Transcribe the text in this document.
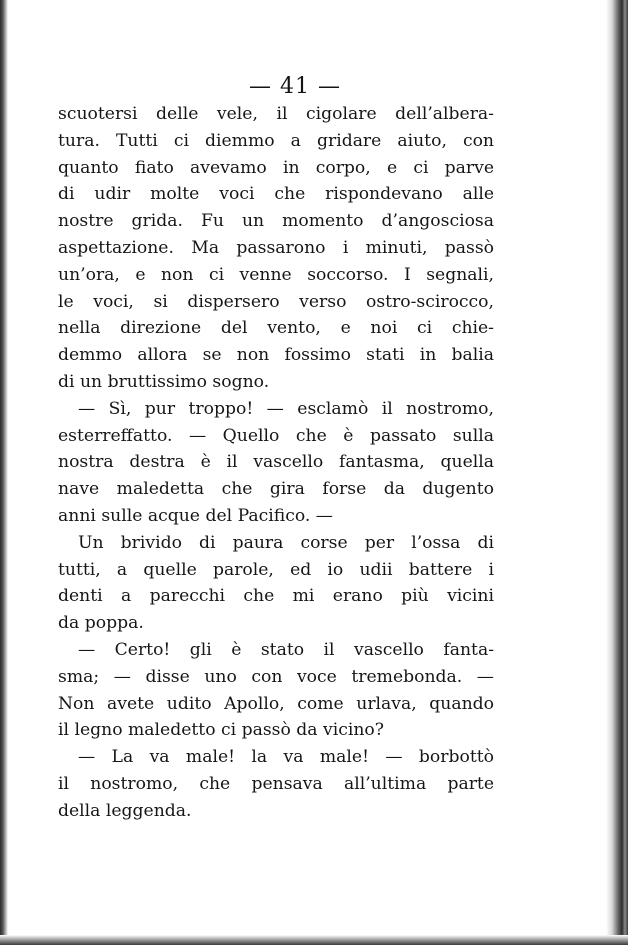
— 41 —
scuotersi delle vele, il cigolare dell’albera-
tura. Tutti ci diemmo a gridare aiuto, con
quanto fiato avevamo in corpo, e ci parve
di udir molte voci che rispondevano alle
nostre grida. Fu un momento d’angosciosa
aspettazione. Ma passarono i minuti, passò
un’ora, e non ci venne soccorso. I segnali,
le voci, si dispersero verso ostro-scirocco,
nella direzione del vento, e noi ci chie-
demmo allora se non fossimo stati in balia
di un bruttissimo sogno.
— Sì, pur troppo! — esclamò il nostromo,
esterreffatto. — Quello che è passato sulla
nostra destra è il vascello fantasma, quella
nave maledetta che gira forse da dugento
anni sulle acque del Pacifico. —
Un brivido di paura corse per l’ossa di
tutti, a quelle parole, ed io udii battere i
denti a parecchi che mi erano più vicini
da poppa.
— Certo! gli è stato il vascello fanta-
sma; — disse uno con voce tremebonda. —
Non avete udito Apollo, come urlava, quando
il legno maledetto ci passò da vicino?
— La va male! la va male! — borbottò
il nostromo, che pensava all’ultima parte
della leggenda.
